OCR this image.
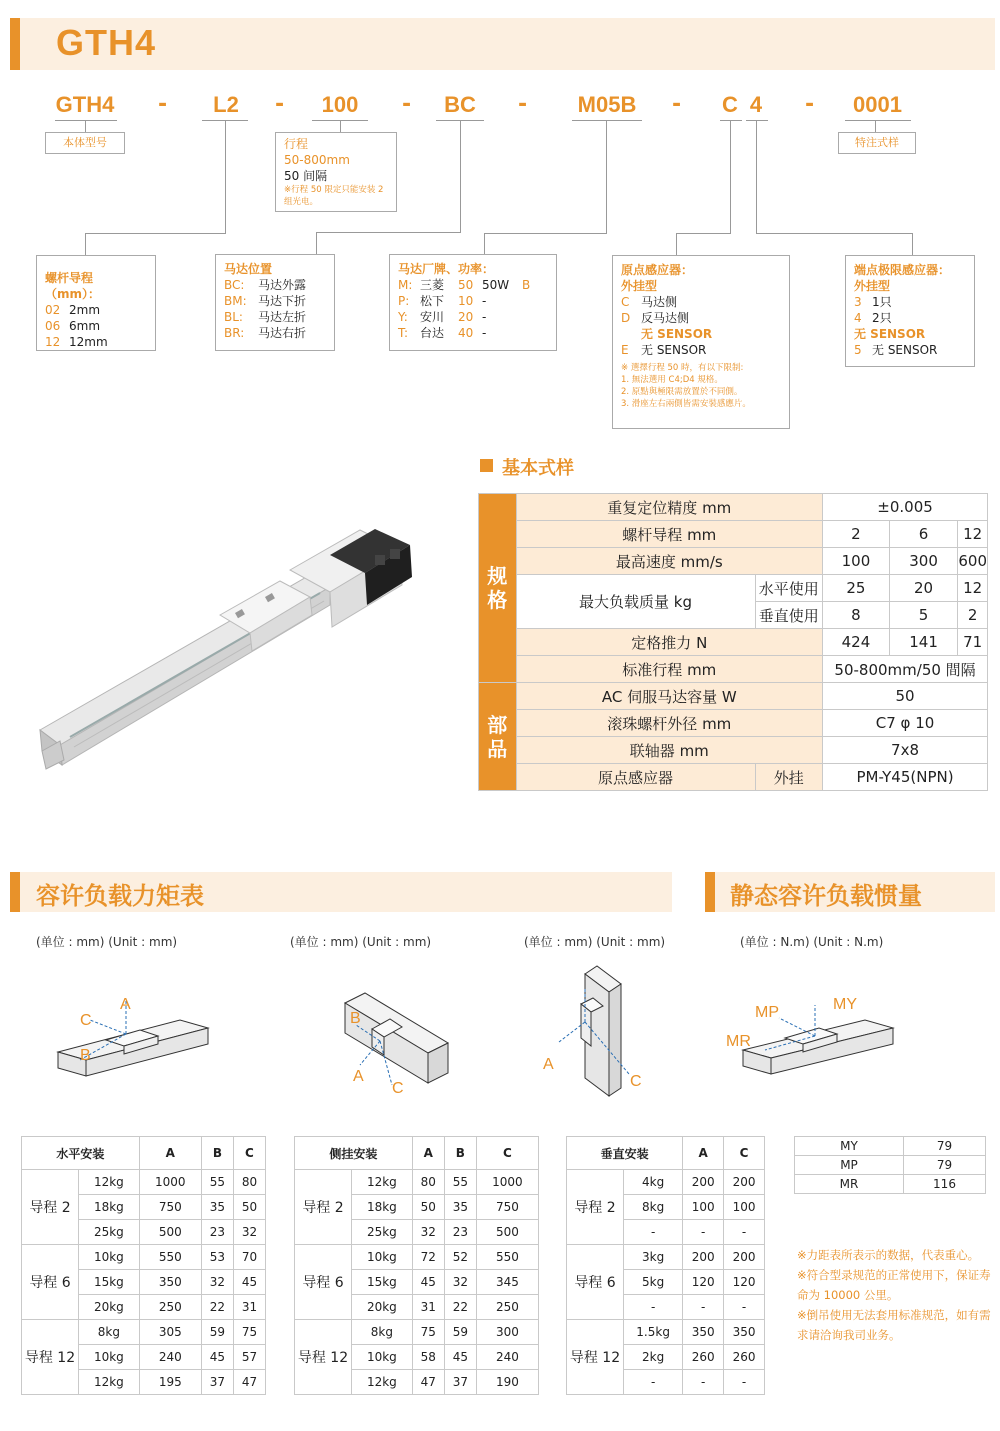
GTH4
GTH4 -	L2	-	100	- BC - M05B - C 4 -	0001
本体型号	特注式样
行程
50-800mm
50 间隔
※行程 50 限定只能安装 2 组光电。
螺杆导程（mm）：
02 2mm
06 6mm
12 12mm
马达位置
BC: 马达外露
BM: 马达下折
BL: 马达左折
BR: 马达右折
马达厂牌、功率：
M: 三菱 50 50W B
P: 松下 10 -
Y: 安川 20 -
T: 台达 40 -
原点感应器：
外挂型
C 马达侧
D 反马达侧
无 SENSOR
E 无 SENSOR
※ 選擇行程 50 時，有以下限制:
1. 無法選用 C4;D4 規格。
2. 原點與極限需放置於不同側。
3. 滑座左右兩側皆需安裝感應片。
端点极限感应器：
外挂型
3 1只
4 2只
无 SENSOR
5 无 SENSOR
基本式样
规格	重复定位精度 mm		±0.005		
	螺杆导程 mm		2	6	12
	最高速度 mm/s		100	300	600
	最大负载质量 kg	水平使用	25	20	12
		垂直使用	8	5	2
	定格推力 N		424	141	71
	标准行程 mm		50-800mm/50 間隔		
部品	AC 伺服马达容量 W		50		
	滚珠螺杆外径 mm		C7 φ 10		
	联轴器 mm		7x8		
	原点感应器	外挂	PM-Y45(NPN)		
容许负载力矩表	静态容许负载惯量
(单位 : mm) (Unit : mm)	(单位 : mm) (Unit : mm)	(单位 : mm) (Unit : mm)	(单位 : N.m) (Unit : N.m)
A
C
B
B
A
C
A
C
MP	MY
MR
水平安装		A	B	C
导程 2	12kg	1000	55	80
	18kg	750	35	50
	25kg	500	23	32
导程 6	10kg	550	53	70
	15kg	350	32	45
	20kg	250	22	31
导程 12	8kg	305	59	75
	10kg	240	45	57
	12kg	195	37	47
侧挂安装		A	B	C
导程 2	12kg	80	55	1000
	18kg	50	35	750
	25kg	32	23	500
导程 6	10kg	72	52	550
	15kg	45	32	345
	20kg	31	22	250
导程 12	8kg	75	59	300
	10kg	58	45	240
	12kg	47	37	190
垂直安装		A	C
导程 2	4kg	200	200
	8kg	100	100
	-	-	-
导程 6	3kg	200	200
	5kg	120	120
	-	-	-
导程 12	1.5kg	350	350
	2kg	260	260
	-	-	-
MY	79
MP	79
MR	116
※力距表所表示的数据，代表重心。
※符合型录规范的正常使用下，保证寿命为 10000 公里。
※倒吊使用无法套用标准规范，如有需求请洽询我司业务。
